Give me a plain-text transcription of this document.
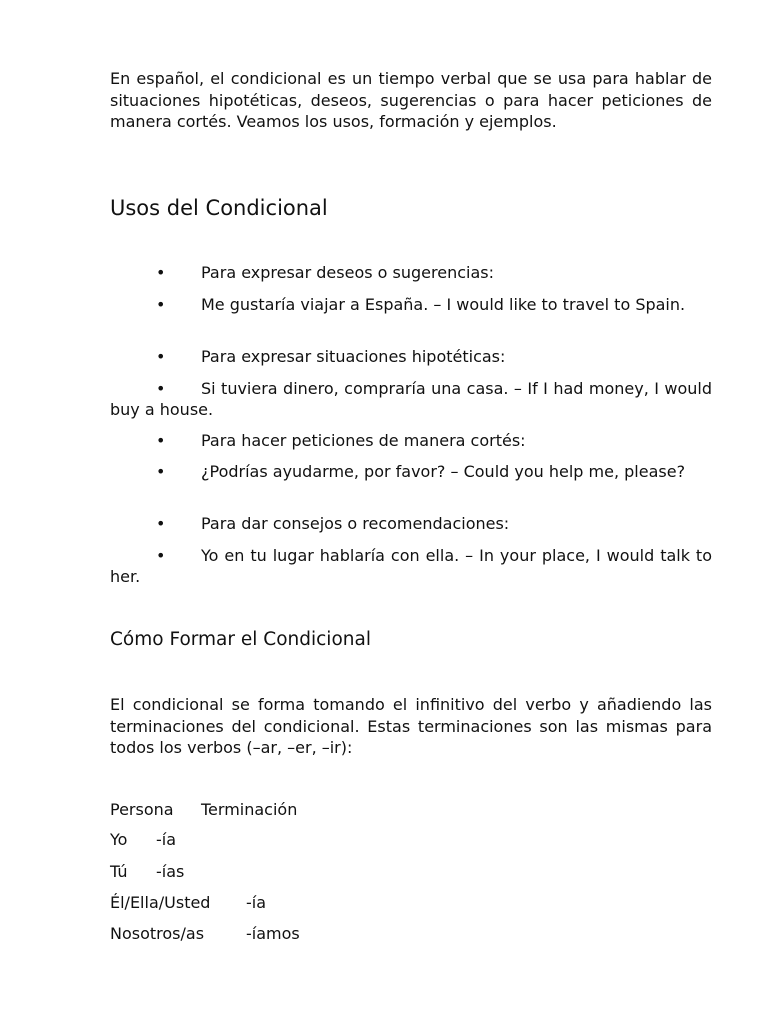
En español, el condicional es un tiempo verbal que se usa para hablar de situaciones hipotéticas, deseos, sugerencias o para hacer peticiones de manera cortés. Veamos los usos, formación y ejemplos.

Usos del Condicional

• Para expresar deseos o sugerencias:

• Me gustaría viajar a España. – I would like to travel to Spain.

• Para expresar situaciones hipotéticas:

• Si tuviera dinero, compraría una casa. – If I had money, I would buy a house.

• Para hacer peticiones de manera cortés:

• ¿Podrías ayudarme, por favor? – Could you help me, please?

• Para dar consejos o recomendaciones:

• Yo en tu lugar hablaría con ella. – In your place, I would talk to her.

Cómo Formar el Condicional

El condicional se forma tomando el infinitivo del verbo y añadiendo las terminaciones del condicional. Estas terminaciones son las mismas para todos los verbos (–ar, –er, –ir):

Persona Terminación
Yo -ía
Tú -ías
Él/Ella/Usted -ía
Nosotros/as	-íamos
